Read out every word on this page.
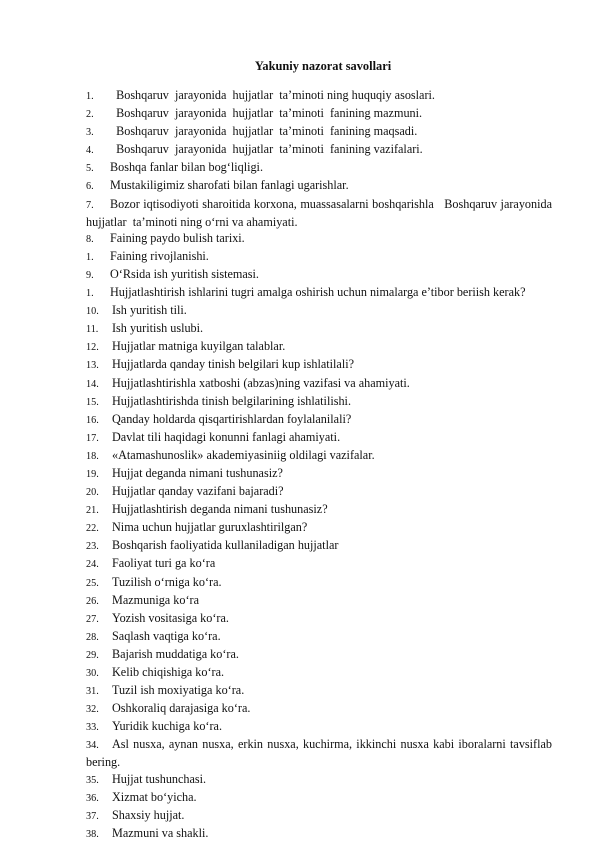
Yakuniy nazorat savollari
1.  Boshqaruv  jarayonida  hujjatlar  ta’minoti ning huquqiy asoslari.
2.  Boshqaruv  jarayonida  hujjatlar  ta’minoti  fanining mazmuni.
3.  Boshqaruv  jarayonida  hujjatlar  ta’minoti  fanining maqsadi.
4.  Boshqaruv  jarayonida  hujjatlar  ta’minoti  fanining vazifalari.
5. Boshqa fanlar bilan bog‘liqligi.
6. Mustakiligimiz sharofati bilan fanlagi ugarishlar.
7. Bozor iqtisodiyoti sharoitida korxona, muassasalarni boshqarishla   Boshqaruv jarayonida  hujjatlar  ta’minoti ning o‘rni va ahamiyati.
8. Faining paydo bulish tarixi.
1. Faining rivojlanishi.
9. O‘Rsida ish yuritish sistemasi.
1. Hujjatlashtirish ishlarini tugri amalga oshirish uchun nimalarga e’tibor beriish kerak?
10. Ish yuritish tili.
11. Ish yuritish uslubi.
12. Hujjatlar matniga kuyilgan talablar.
13. Hujjatlarda qanday tinish belgilari kup ishlatilali?
14. Hujjatlashtirishla xatboshi (abzas)ning vazifasi va ahamiyati.
15. Hujjatlashtirishda tinish belgilarining ishlatilishi.
16. Qanday holdarda qisqartirishlardan foylalanilali?
17. Davlat tili haqidagi konunni fanlagi ahamiyati.
18. «Atamashunoslik» akademiyasiniig oldilagi vazifalar.
19. Hujjat deganda nimani tushunasiz?
20. Hujjatlar qanday vazifani bajaradi?
21. Hujjatlashtirish deganda nimani tushunasiz?
22. Nima uchun hujjatlar guruxlashtirilgan?
23. Boshqarish faoliyatida kullaniladigan hujjatlar
24. Faoliyat turi ga ko‘ra
25. Tuzilish o‘rniga ko‘ra.
26. Mazmuniga ko‘ra
27. Yozish vositasiga ko‘ra.
28. Saqlash vaqtiga ko‘ra.
29. Bajarish muddatiga ko‘ra.
30. Kelib chiqishiga ko‘ra.
31. Tuzil ish moxiyatiga ko‘ra.
32. Oshkoraliq darajasiga ko‘ra.
33. Yuridik kuchiga ko‘ra.
34. Asl nusxa, aynan nusxa, erkin nusxa, kuchirma, ikkinchi nusxa kabi iboralarni tavsiflab bering.
35. Hujjat tushunchasi.
36. Xizmat bo‘yicha.
37. Shaxsiy hujjat.
38. Mazmuni va shakli.
